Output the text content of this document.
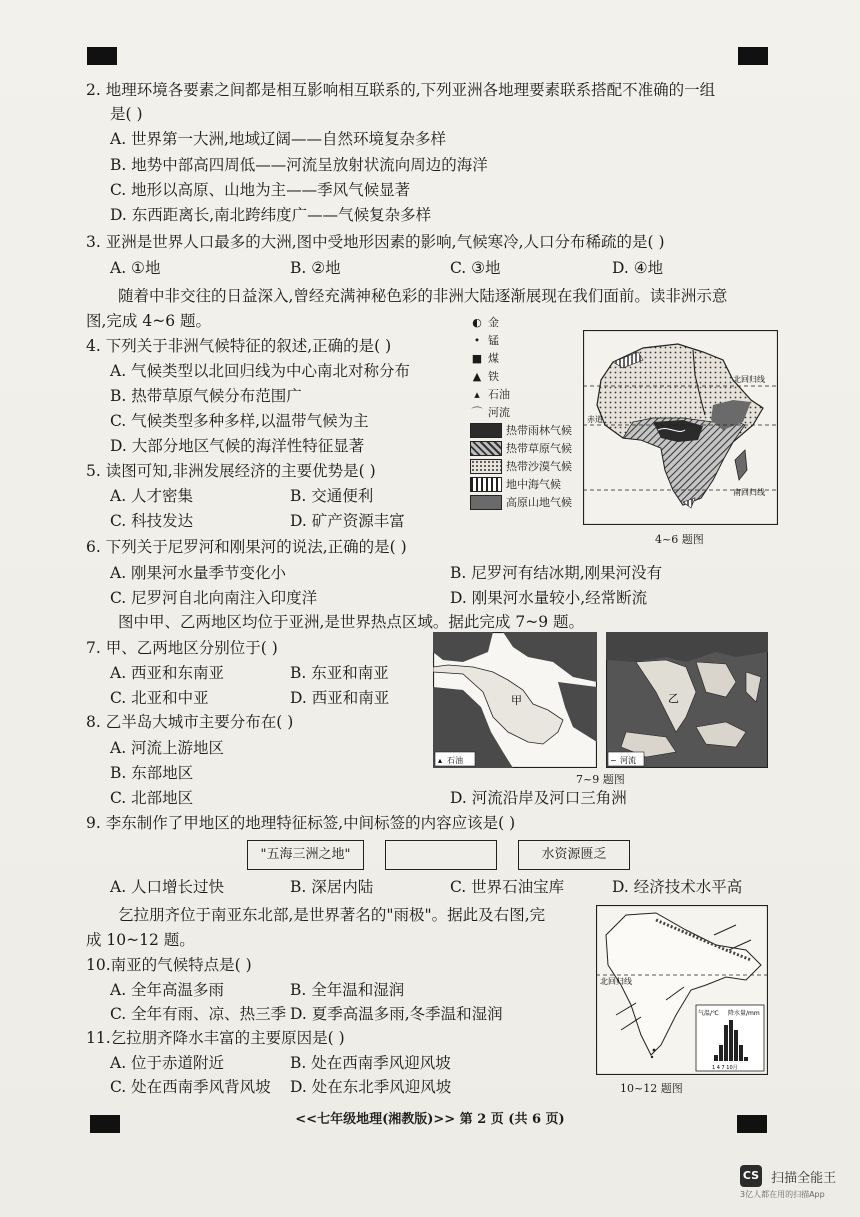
2. 地理环境各要素之间都是相互影响相互联系的,下列亚洲各地理要素联系搭配不准确的一组
是( )
A. 世界第一大洲,地域辽阔——自然环境复杂多样
B. 地势中部高四周低——河流呈放射状流向周边的海洋
C. 地形以高原、山地为主——季风气候显著
D. 东西距离长,南北跨纬度广——气候复杂多样
3. 亚洲是世界人口最多的大洲,图中受地形因素的影响,气候寒冷,人口分布稀疏的是( )
A. ①地	B. ②地	C. ③地	D. ④地
随着中非交往的日益深入,曾经充满神秘色彩的非洲大陆逐渐展现在我们面前。读非洲示意
图,完成 4~6 题。
4. 下列关于非洲气候特征的叙述,正确的是( )
A. 气候类型以北回归线为中心南北对称分布
B. 热带草原气候分布范围广
C. 气候类型多种多样,以温带气候为主
D. 大部分地区气候的海洋性特征显著
5. 读图可知,非洲发展经济的主要优势是( )
A. 人才密集	B. 交通便利
C. 科技发达	D. 矿产资源丰富
◐ 金
⬩ 锰
■ 煤
▲ 铁
▴ 石油
⌒ 河流
热带雨林气候
热带草原气候
热带沙漠气候
地中海气候
高原山地气候
北回归线
赤道
南回归线
4~6 题图
6. 下列关于尼罗河和刚果河的说法,正确的是( )
A. 刚果河水量季节变化小	B. 尼罗河有结冰期,刚果河没有
C. 尼罗河自北向南注入印度洋	D. 刚果河水量较小,经常断流
图中甲、乙两地区均位于亚洲,是世界热点区域。据此完成 7~9 题。
7. 甲、乙两地区分别位于( )
A. 西亚和东南亚	B. 东亚和南亚
C. 北亚和中亚	D. 西亚和南亚
8. 乙半岛大城市主要分布在( )
A. 河流上游地区
B. 东部地区
C. 北部地区	D. 河流沿岸及河口三角洲
甲
石油
▴
乙
河流
~
7~9 题图
9. 李东制作了甲地区的地理特征标签,中间标签的内容应该是( )
"五海三洲之地"	水资源匮乏
A. 人口增长过快	B. 深居内陆	C. 世界石油宝库	D. 经济技术水平高
乞拉朋齐位于南亚东北部,是世界著名的"雨极"。据此及右图,完
成 10~12 题。
10.南亚的气候特点是( )
A. 全年高温多雨	B. 全年温和湿润
C. 全年有雨、凉、热三季 D. 夏季高温多雨,冬季温和湿润
11.乞拉朋齐降水丰富的主要原因是( )
A. 位于赤道附近	B. 处在西南季风迎风坡
C. 处在西南季风背风坡 D. 处在东北季风迎风坡
北回归线
气温/℃ 降水量/mm
1 4 7 10月
10~12 题图
<<七年级地理(湘教版)>> 第 2 页 (共 6 页)
CS 扫描全能王
3亿人都在用的扫描App
